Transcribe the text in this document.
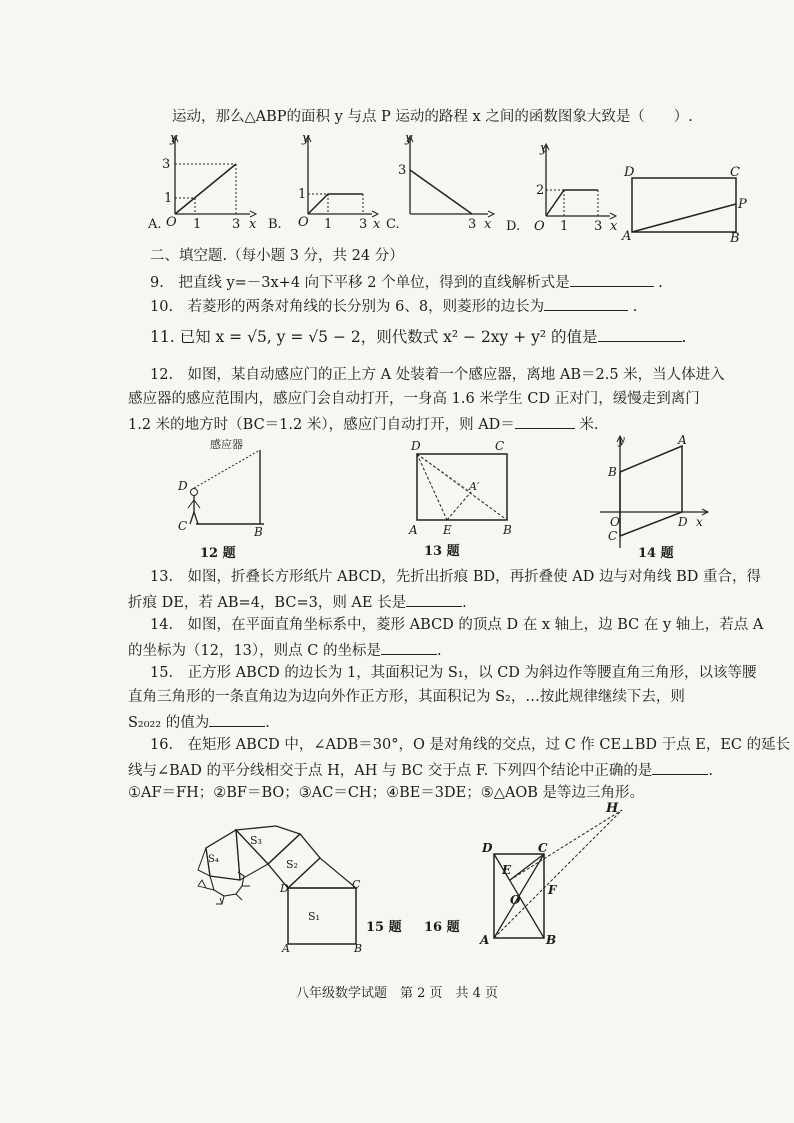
运动，那么△ABP的面积 y 与点 P 运动的路程 x 之间的函数图象大致是（　　）.
y
3
1
O 1 3 x
A.
y
1
O 1 3 x
B.
y
3
3 x
C.
y
2
O 1 3 x
D.
D	C
P
A	B
二、填空题.（每小题 3 分，共 24 分）
9.　把直线 y=－3x+4 向下平移 2 个单位，得到的直线解析式是	.
10.　若菱形的两条对角线的长分别为 6、8，则菱形的边长为	.
11. 已知 x = √5, y = √5 − 2，则代数式 x² − 2xy + y² 的值是	.
12.　如图，某自动感应门的正上方 A 处装着一个感应器，离地 AB＝2.5 米，当人体进入
感应器的感应范围内，感应门会自动打开，一身高 1.6 米学生 CD 正对门，缓慢走到离门
1.2 米的地方时（BC＝1.2 米），感应门自动打开，则 AD＝	米.
感应器
D
C	B
12 题
D	C
A′
A E	B
13 题
y	A
B
O	D x
C
14 题
13.　如图，折叠长方形纸片 ABCD，先折出折痕 BD，再折叠使 AD 边与对角线 BD 重合，得
折痕 DE，若 AB=4，BC=3，则 AE 长是	.
14.　如图，在平面直角坐标系中，菱形 ABCD 的顶点 D 在 x 轴上，边 BC 在 y 轴上，若点 A
的坐标为（12，13），则点 C 的坐标是	.
15.　正方形 ABCD 的边长为 1，其面积记为 S₁，以 CD 为斜边作等腰直角三角形，以该等腰
直角三角形的一条直角边为边向外作正方形，其面积记为 S₂，…按此规律继续下去，则
S₂₀₂₂ 的值为	.
16.　在矩形 ABCD 中，∠ADB＝30°，O 是对角线的交点，过 C 作 CE⊥BD 于点 E，EC 的延长
线与∠BAD 的平分线相交于点 H，AH 与 BC 交于点 F. 下列四个结论中正确的是	.
①AF＝FH；②BF＝BO；③AC＝CH；④BE＝3DE；⑤△AOB 是等边三角形。
S₁
S₂
S₃
S₄
D	C
A	B
15 题 16 题
H
D	C
E
O
F
A	B
八年级数学试题　第 2 页　共 4 页
